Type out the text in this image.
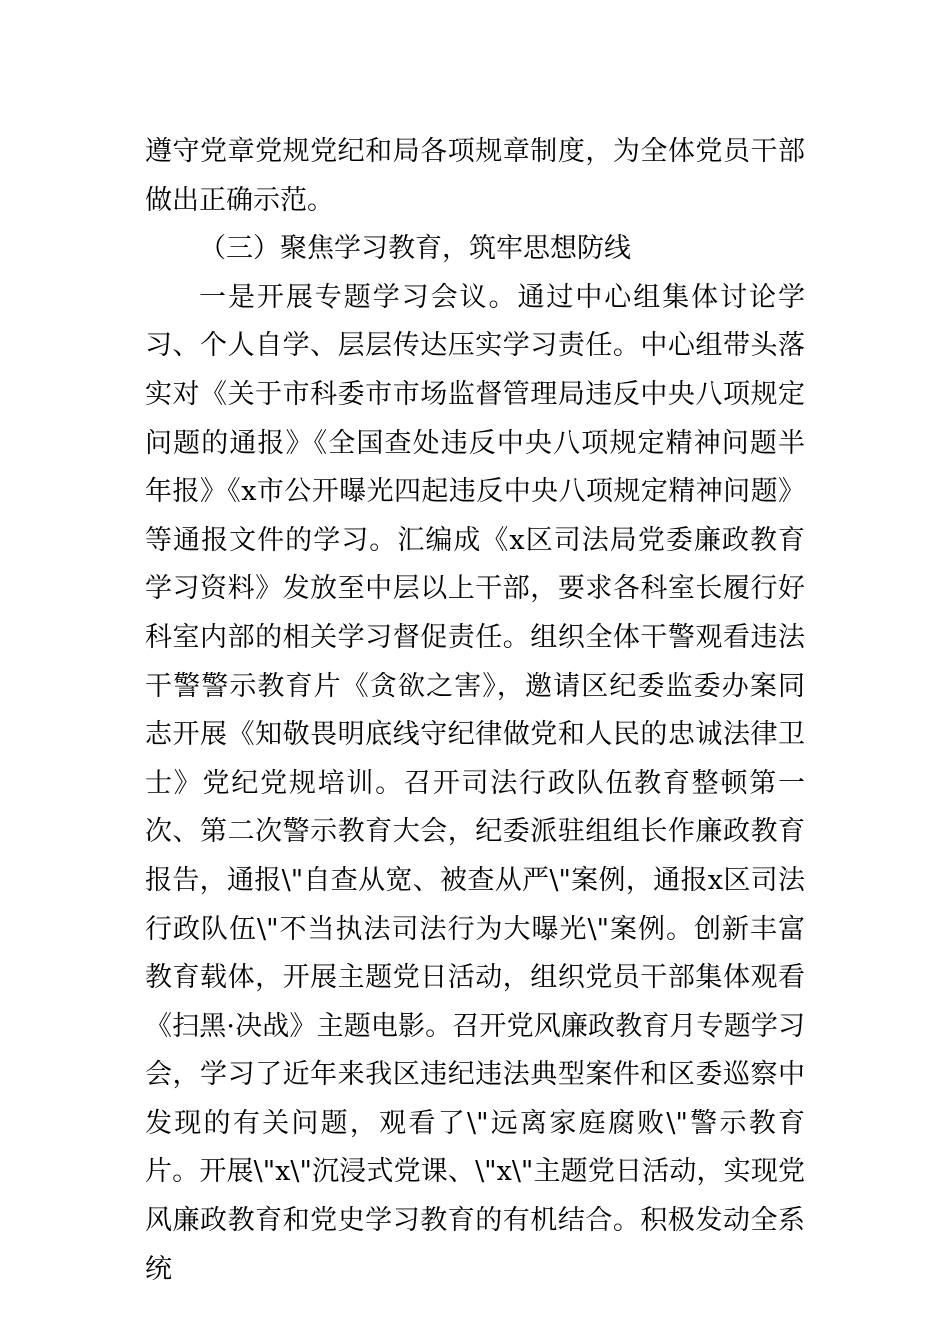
遵守党章党规党纪和局各项规章制度，为全体党员干部做出正确示范。

（三）聚焦学习教育，筑牢思想防线

一是开展专题学习会议。通过中心组集体讨论学习、个人自学、层层传达压实学习责任。中心组带头落实对《关于市科委市市场监督管理局违反中央八项规定问题的通报》《全国查处违反中央八项规定精神问题半年报》《x市公开曝光四起违反中央八项规定精神问题》等通报文件的学习。汇编成《x区司法局党委廉政教育学习资料》发放至中层以上干部，要求各科室长履行好科室内部的相关学习督促责任。组织全体干警观看违法干警警示教育片《贪欲之害》，邀请区纪委监委办案同志开展《知敬畏明底线守纪律做党和人民的忠诚法律卫士》党纪党规培训。召开司法行政队伍教育整顿第一次、第二次警示教育大会，纪委派驻组组长作廉政教育报告，通报\"自查从宽、被查从严\"案例，通报x区司法行政队伍\"不当执法司法行为大曝光\"案例。创新丰富教育载体，开展主题党日活动，组织党员干部集体观看《扫黑·决战》主题电影。召开党风廉政教育月专题学习会，学习了近年来我区违纪违法典型案件和区委巡察中发现的有关问题，观看了\"远离家庭腐败\"警示教育片。开展\"x\"沉浸式党课、\"x\"主题党日活动，实现党风廉政教育和党史学习教育的有机结合。积极发动全系统
